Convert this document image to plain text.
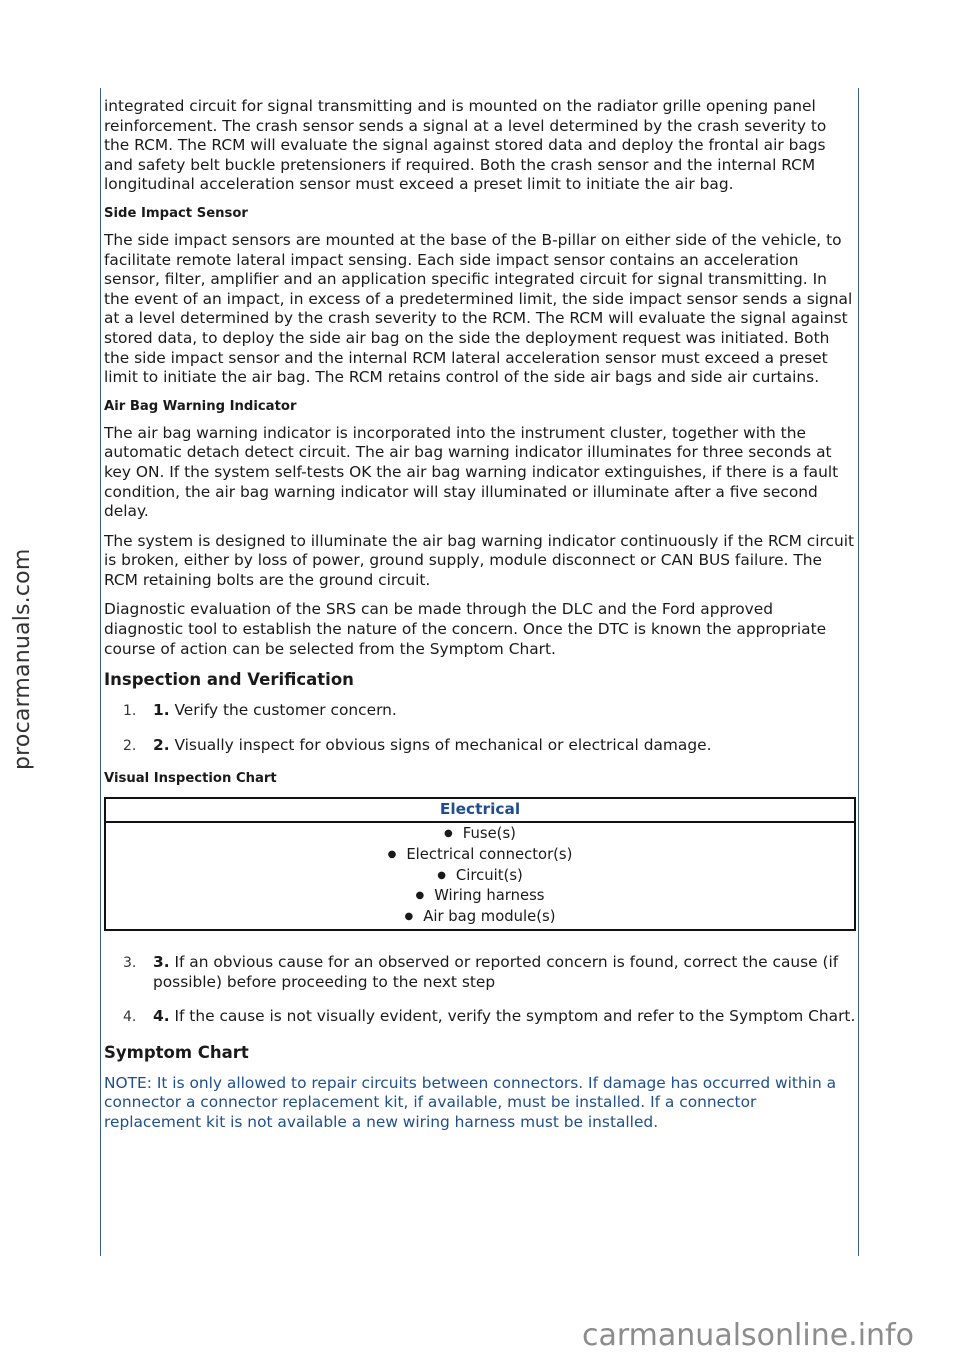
integrated circuit for signal transmitting and is mounted on the radiator grille opening panel reinforcement. The crash sensor sends a signal at a level determined by the crash severity to the RCM. The RCM will evaluate the signal against stored data and deploy the frontal air bags and safety belt buckle pretensioners if required. Both the crash sensor and the internal RCM longitudinal acceleration sensor must exceed a preset limit to initiate the air bag.

Side Impact Sensor

The side impact sensors are mounted at the base of the B-pillar on either side of the vehicle, to facilitate remote lateral impact sensing. Each side impact sensor contains an acceleration sensor, filter, amplifier and an application specific integrated circuit for signal transmitting. In the event of an impact, in excess of a predetermined limit, the side impact sensor sends a signal at a level determined by the crash severity to the RCM. The RCM will evaluate the signal against stored data, to deploy the side air bag on the side the deployment request was initiated. Both the side impact sensor and the internal RCM lateral acceleration sensor must exceed a preset limit to initiate the air bag. The RCM retains control of the side air bags and side air curtains.

Air Bag Warning Indicator

The air bag warning indicator is incorporated into the instrument cluster, together with the automatic detach detect circuit. The air bag warning indicator illuminates for three seconds at key ON. If the system self-tests OK the air bag warning indicator extinguishes, if there is a fault condition, the air bag warning indicator will stay illuminated or illuminate after a five second delay.

The system is designed to illuminate the air bag warning indicator continuously if the RCM circuit is broken, either by loss of power, ground supply, module disconnect or CAN BUS failure. The RCM retaining bolts are the ground circuit.

Diagnostic evaluation of the SRS can be made through the DLC and the Ford approved diagnostic tool to establish the nature of the concern. Once the DTC is known the appropriate course of action can be selected from the Symptom Chart.

Inspection and Verification
1. 1. Verify the customer concern.
2. 2. Visually inspect for obvious signs of mechanical or electrical damage.
Visual Inspection Chart
Electrical

● Fuse(s)
● Electrical connector(s)
● Circuit(s)
● Wiring harness
● Air bag module(s)
3. 3. If an obvious cause for an observed or reported concern is found, correct the cause (if possible) before proceeding to the next step
4. 4. If the cause is not visually evident, verify the symptom and refer to the Symptom Chart.
Symptom Chart

NOTE: It is only allowed to repair circuits between connectors. If damage has occurred within a connector a connector replacement kit, if available, must be installed. If a connector replacement kit is not available a new wiring harness must be installed.

procarmanuals.com
carmanualsonline.info
